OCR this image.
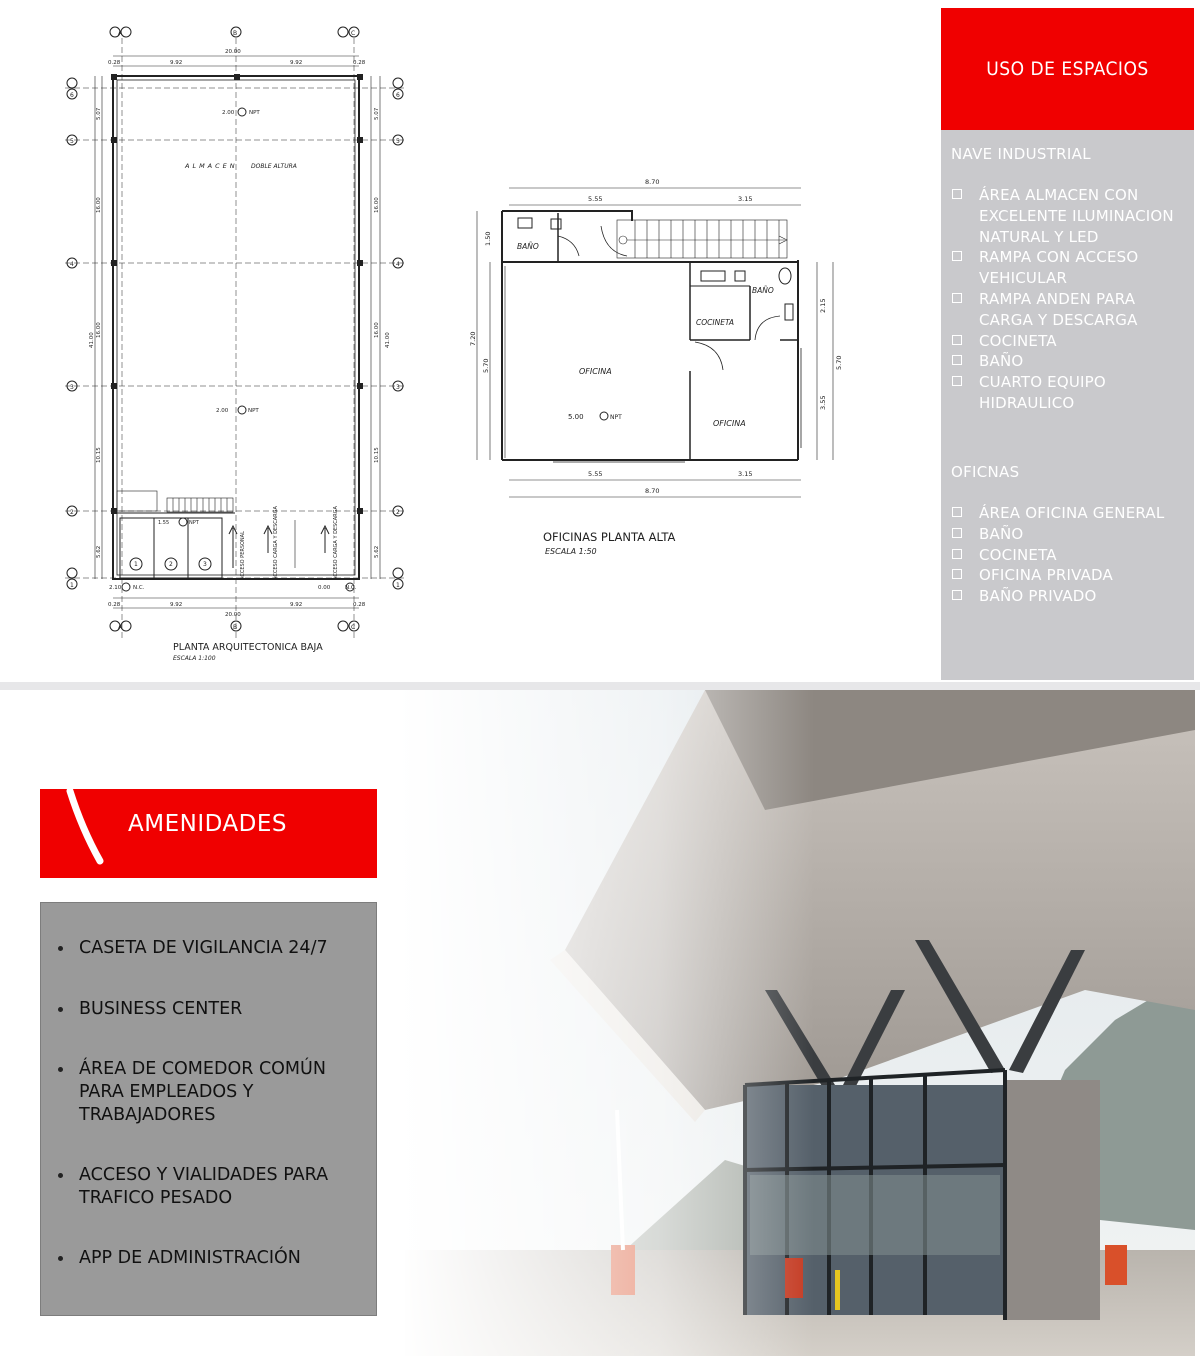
A	B	C
A	B	C
6
5
4
3
2
1
6
5
4
3
2
1
20.00
0.28	9.92	9.92	0.28
9.92	9.92
20.00
0.28	0.28
5.07
16.00
16.00
10.15
5.62
41.00
5.07
16.00
16.00
10.15
5.62
41.00
ALMACEN DOBLE ALTURA
2.00	NPT
2.00	NPT
1.55	NPT
2.10 N.C.	0.00	N.C.
1	2	3	ACCESO PERSONAL	ACCESO CARGA Y DESCARGA	ACCESO CARGA Y DESCARGA
PLANTA ARQUITECTONICA BAJA
ESCALA 1:100
8.70
5.55	3.15
5.55	3.15
8.70
7.20
1.50
5.70
2.15
3.55
5.70
BAÑO
BAÑO
COCINETA
OFICINA
OFICINA
5.00	NPT
OFICINAS PLANTA ALTA
ESCALA 1:50
USO DE ESPACIOS
NAVE INDUSTRIAL
ÁREA ALMACEN CON
EXCELENTE ILUMINACION
NATURAL Y LED
RAMPA CON ACCESO
VEHICULAR
RAMPA ANDEN PARA
CARGA Y DESCARGA
COCINETA
BAÑO
CUARTO EQUIPO
HIDRAULICO
OFICNAS
ÁREA OFICINA GENERAL
BAÑO
COCINETA
OFICINA PRIVADA
BAÑO PRIVADO
AMENIDADES
CASETA DE VIGILANCIA 24/7
BUSINESS CENTER
ÁREA DE COMEDOR COMÚN
PARA EMPLEADOS Y
TRABAJADORES
ACCESO Y VIALIDADES PARA
TRAFICO PESADO
APP DE ADMINISTRACIÓN
